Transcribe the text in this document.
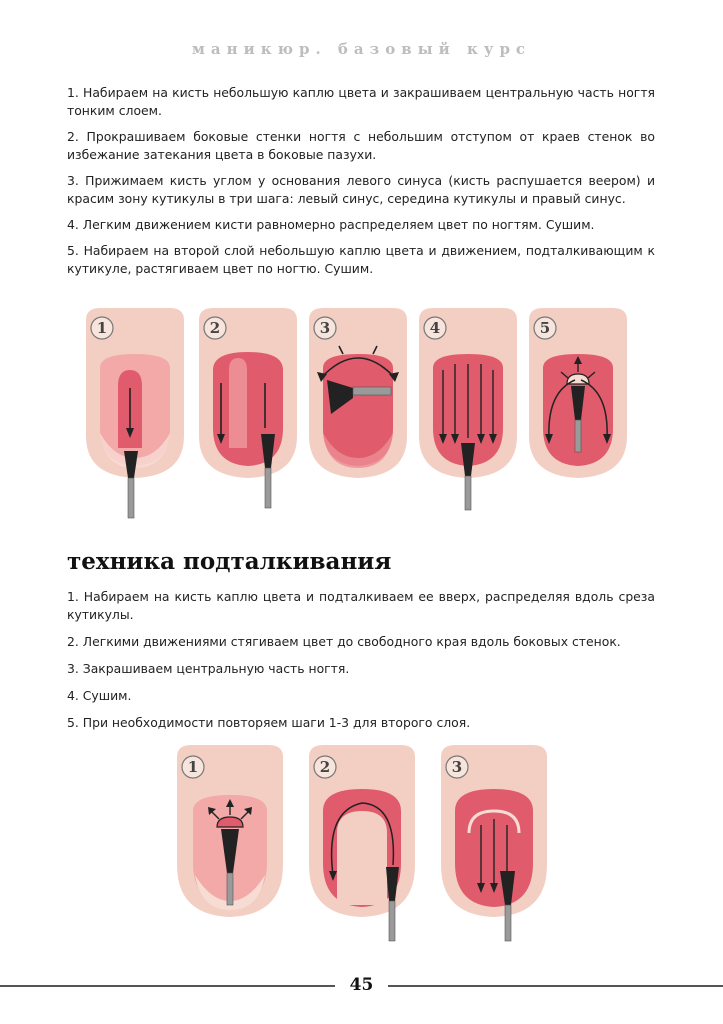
маникюр. базовый курс
1. Набираем на кисть небольшую каплю цвета и закрашиваем центральную часть ногтя тонким слоем.
2. Прокрашиваем боковые стенки ногтя с небольшим отступом от краев стенок во избежание затекания цвета в боковые пазухи.
3. Прижимаем кисть углом у основания левого синуса (кисть распушается веером) и красим зону кутикулы в три шага: левый синус, середина кутикулы и правый синус.
4. Легким движением кисти равномерно распределяем цвет по ногтям. Сушим.
5. Набираем на второй слой небольшую каплю цвета и движением, подталкивающим к кутикуле, растягиваем цвет по ногтю. Сушим.
1	2	3	4	5
техника подталкивания
1. Набираем на кисть каплю цвета и подталкиваем ее вверх, распределяя вдоль среза кутикулы.
2. Легкими движениями стягиваем цвет до свободного края вдоль боковых стенок.
3. Закрашиваем центральную часть ногтя.
4. Сушим.
5. При необходимости повторяем шаги 1-3 для второго слоя.
1	2	3
45
